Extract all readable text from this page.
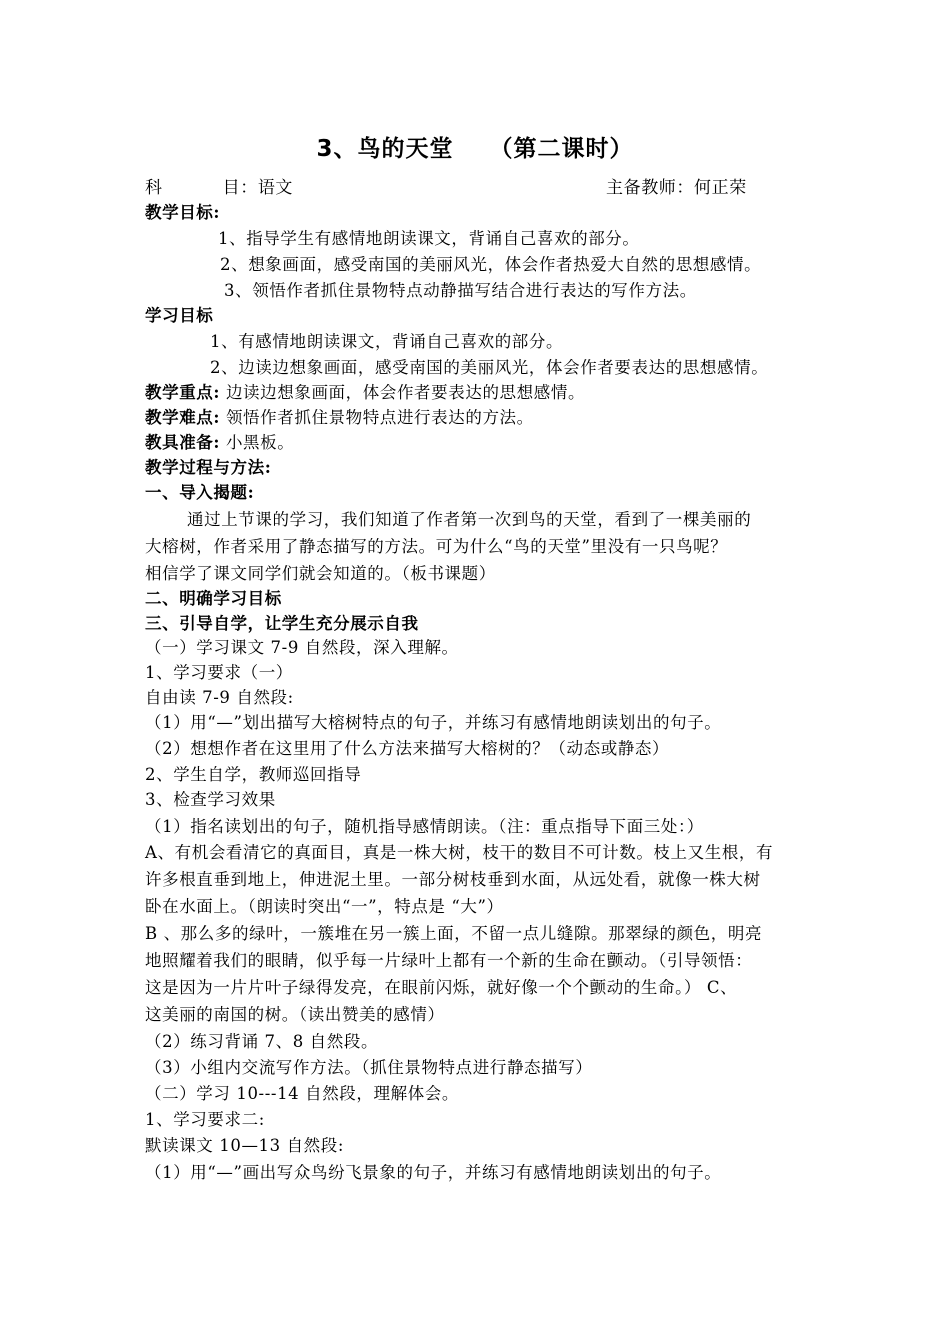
3、鸟的天堂 （第二课时）
科	目：语文	主备教师：何正荣
教学目标:
1、指导学生有感情地朗读课文，背诵自己喜欢的部分。
2、想象画面，感受南国的美丽风光，体会作者热爱大自然的思想感情。
3、领悟作者抓住景物特点动静描写结合进行表达的写作方法。
学习目标
1、有感情地朗读课文，背诵自己喜欢的部分。
2、边读边想象画面，感受南国的美丽风光，体会作者要表达的思想感情。
教学重点: 边读边想象画面，体会作者要表达的思想感情。
教学难点: 领悟作者抓住景物特点进行表达的方法。
教具准备: 小黑板。
教学过程与方法:
一、导入揭题:
通过上节课的学习，我们知道了作者第一次到鸟的天堂，看到了一棵美丽的
大榕树，作者采用了静态描写的方法。可为什么“鸟的天堂”里没有一只鸟呢？
相信学了课文同学们就会知道的。（板书课题）
二、明确学习目标
三、引导自学，让学生充分展示自我
（一）学习课文 7-9 自然段，深入理解。
1、学习要求（一）
自由读 7-9 自然段:
（1）用“—”划出描写大榕树特点的句子，并练习有感情地朗读划出的句子。
（2）想想作者在这里用了什么方法来描写大榕树的？（动态或静态）
2、学生自学，教师巡回指导
3、检查学习效果
（1）指名读划出的句子，随机指导感情朗读。（注：重点指导下面三处：）
A、有机会看清它的真面目，真是一株大树，枝干的数目不可计数。枝上又生根，有
许多根直垂到地上，伸进泥土里。一部分树枝垂到水面，从远处看，就像一株大树
卧在水面上。（朗读时突出“一”，特点是 “大”）
B 、那么多的绿叶，一簇堆在另一簇上面，不留一点儿缝隙。那翠绿的颜色，明亮
地照耀着我们的眼睛，似乎每一片绿叶上都有一个新的生命在颤动。（引导领悟：
这是因为一片片叶子绿得发亮，在眼前闪烁，就好像一个个颤动的生命。） C、
这美丽的南国的树。（读出赞美的感情）
（2）练习背诵 7、8 自然段。
（3）小组内交流写作方法。（抓住景物特点进行静态描写）
（二）学习 10---14 自然段，理解体会。
1、学习要求二:
默读课文 10—13 自然段:
（1）用“—”画出写众鸟纷飞景象的句子，并练习有感情地朗读划出的句子。
